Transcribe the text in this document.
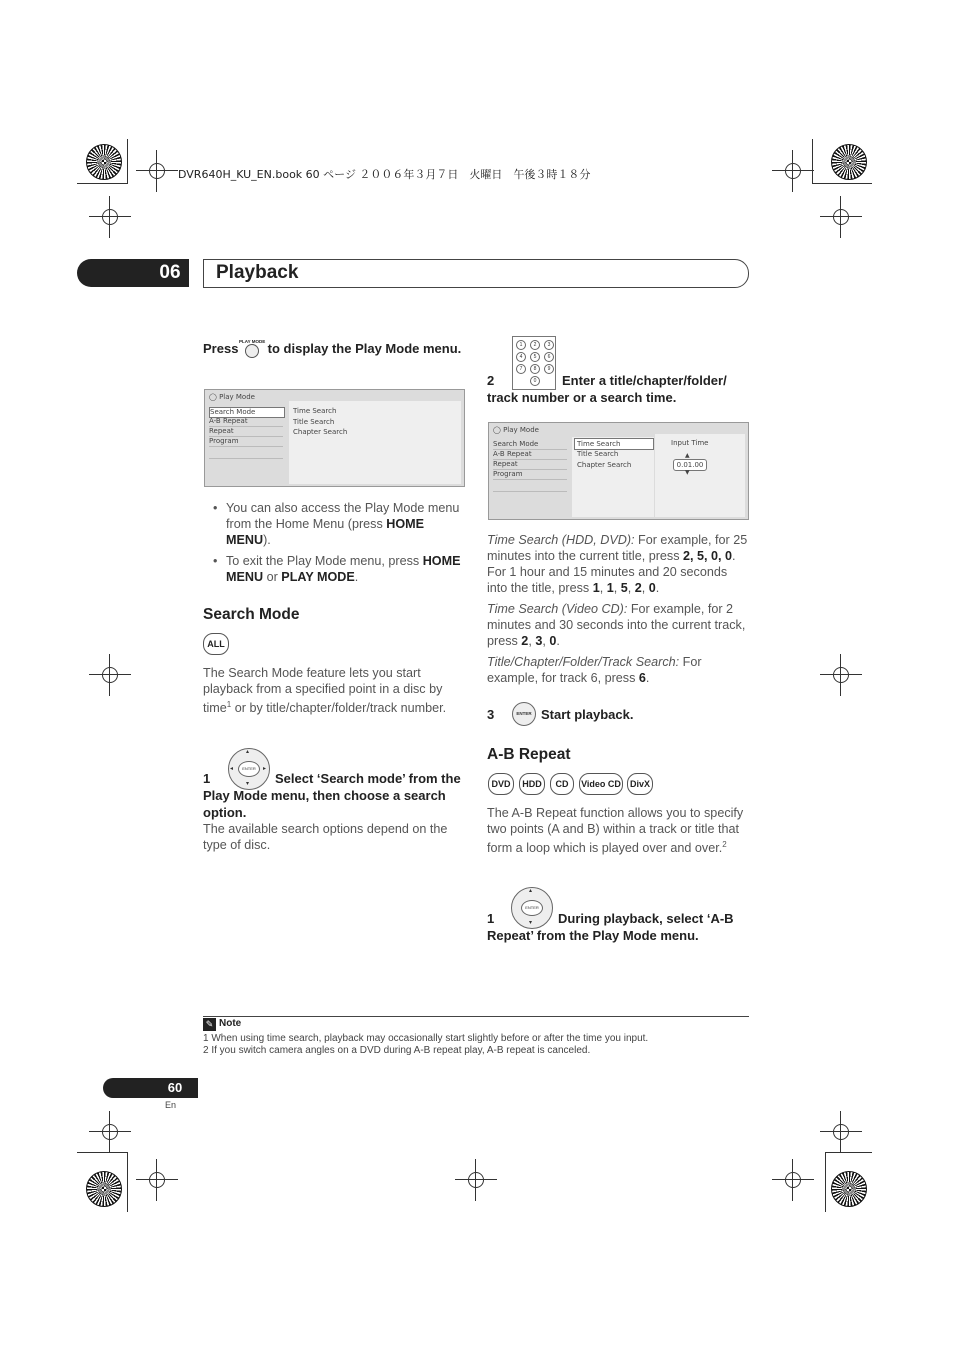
DVR640H_KU_EN.book 60 ページ ２００６年３月７日　火曜日　午後３時１８分
06	Playback
Press PLAY MODE to display the Play Mode menu.
◯ Play Mode
Search Mode
A-B Repeat
Repeat
Program
Time Search
Title Search
Chapter Search
• You can also access the Play Mode menu from the Home Menu (press HOME MENU).
• To exit the Play Mode menu, press HOME MENU or PLAY MODE.
Search Mode
ALL
The Search Mode feature lets you start playback from a specified point in a disc by time$^1$ or by title/chapter/folder/track number.
ENTER
▴
▾
◂	▸
1	Select ‘Search mode’ from the Play Mode menu, then choose a search option.
The available search options depend on the type of disc.
1	2	3
4	5	6
7	8	9
0
2	Enter a title/chapter/folder/ track number or a search time.
◯ Play Mode
Search Mode
A-B Repeat
Repeat
Program
Time Search
Title Search
Chapter Search
Input Time
▲
0.01.00
▼
Time Search (HDD, DVD): For example, for 25 minutes into the current title, press 2, 5, 0, 0. For 1 hour and 15 minutes and 20 seconds into the title, press 1, 1, 5, 2, 0.
Time Search (Video CD): For example, for 2 minutes and 30 seconds into the current track, press 2, 3, 0.
Title/Chapter/Folder/Track Search: For example, for track 6, press 6.
3	ENTER Start playback.
A-B Repeat
DVD	HDD	CD	Video CD	DivX
The A-B Repeat function allows you to specify two points (A and B) within a track or title that form a loop which is played over and over.$^2$
ENTER
▴
▾
1	During playback, select ‘A-B Repeat’ from the Play Mode menu.
✎ Note
1 When using time search, playback may occasionally start slightly before or after the time you input.
2 If you switch camera angles on a DVD during A-B repeat play, A-B repeat is canceled.
60
En
